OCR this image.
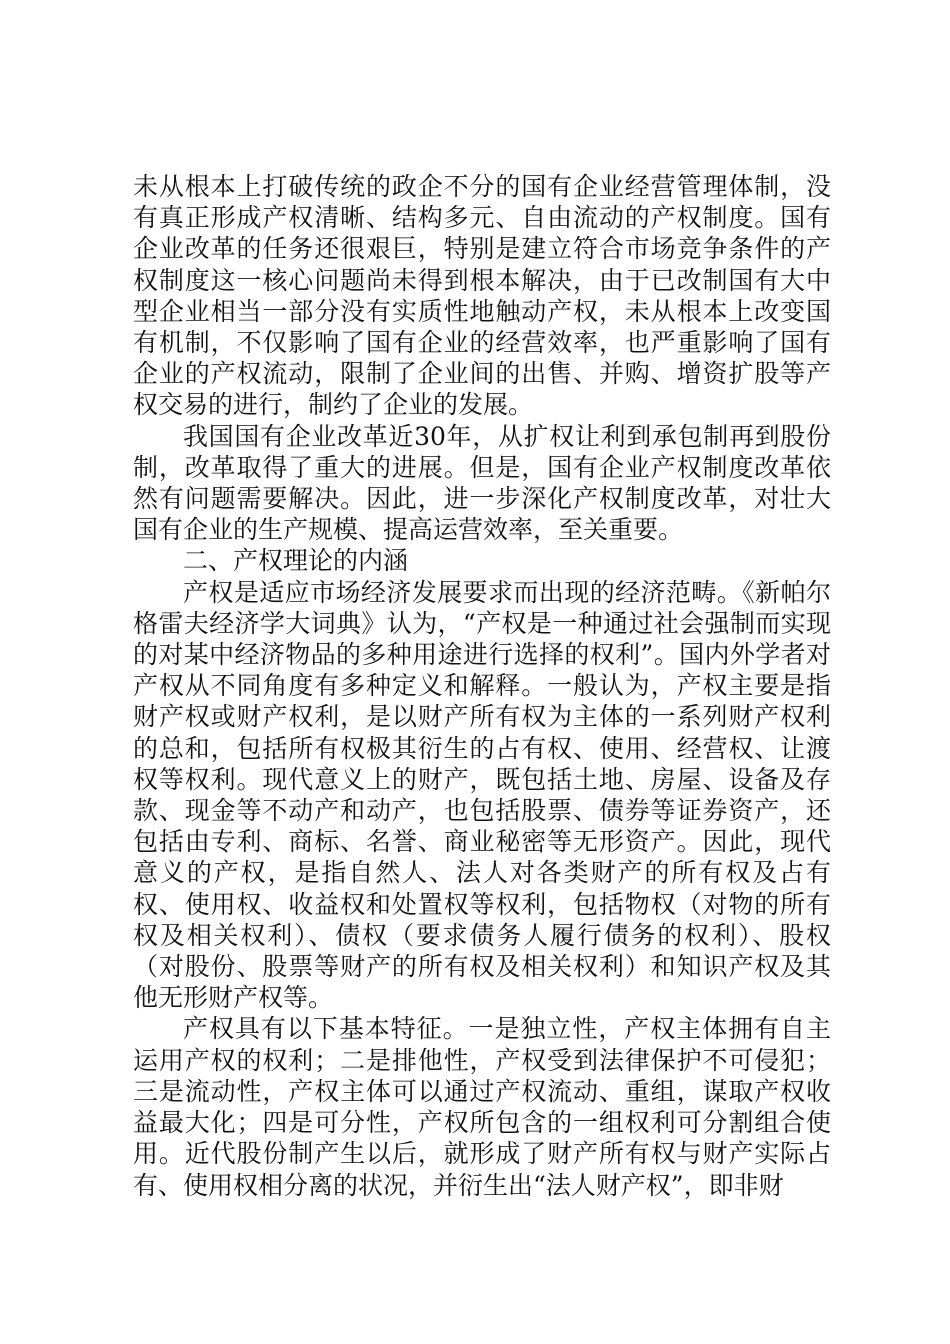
未从根本上打破传统的政企不分的国有企业经营管理体制，没有真正形成产权清晰、结构多元、自由流动的产权制度。国有企业改革的任务还很艰巨，特别是建立符合市场竞争条件的产权制度这一核心问题尚未得到根本解决，由于已改制国有大中型企业相当一部分没有实质性地触动产权，未从根本上改变国有机制，不仅影响了国有企业的经营效率，也严重影响了国有企业的产权流动，限制了企业间的出售、并购、增资扩股等产权交易的进行，制约了企业的发展。

我国国有企业改革近30年，从扩权让利到承包制再到股份制，改革取得了重大的进展。但是，国有企业产权制度改革依然有问题需要解决。因此，进一步深化产权制度改革，对壮大国有企业的生产规模、提高运营效率，至关重要。

二、产权理论的内涵

产权是适应市场经济发展要求而出现的经济范畴。《新帕尔格雷夫经济学大词典》认为，“产权是一种通过社会强制而实现的对某中经济物品的多种用途进行选择的权利”。国内外学者对产权从不同角度有多种定义和解释。一般认为，产权主要是指财产权或财产权利，是以财产所有权为主体的一系列财产权利的总和，包括所有权极其衍生的占有权、使用、经营权、让渡权等权利。现代意义上的财产，既包括土地、房屋、设备及存款、现金等不动产和动产，也包括股票、债券等证券资产，还包括由专利、商标、名誉、商业秘密等无形资产。因此，现代意义的产权，是指自然人、法人对各类财产的所有权及占有权、使用权、收益权和处置权等权利，包括物权（对物的所有权及相关权利）、债权（要求债务人履行债务的权利）、股权（对股份、股票等财产的所有权及相关权利）和知识产权及其他无形财产权等。

产权具有以下基本特征。一是独立性，产权主体拥有自主运用产权的权利；二是排他性，产权受到法律保护不可侵犯；三是流动性，产权主体可以通过产权流动、重组，谋取产权收益最大化；四是可分性，产权所包含的一组权利可分割组合使用。近代股份制产生以后，就形成了财产所有权与财产实际占有、使用权相分离的状况，并衍生出“法人财产权”，即非财
